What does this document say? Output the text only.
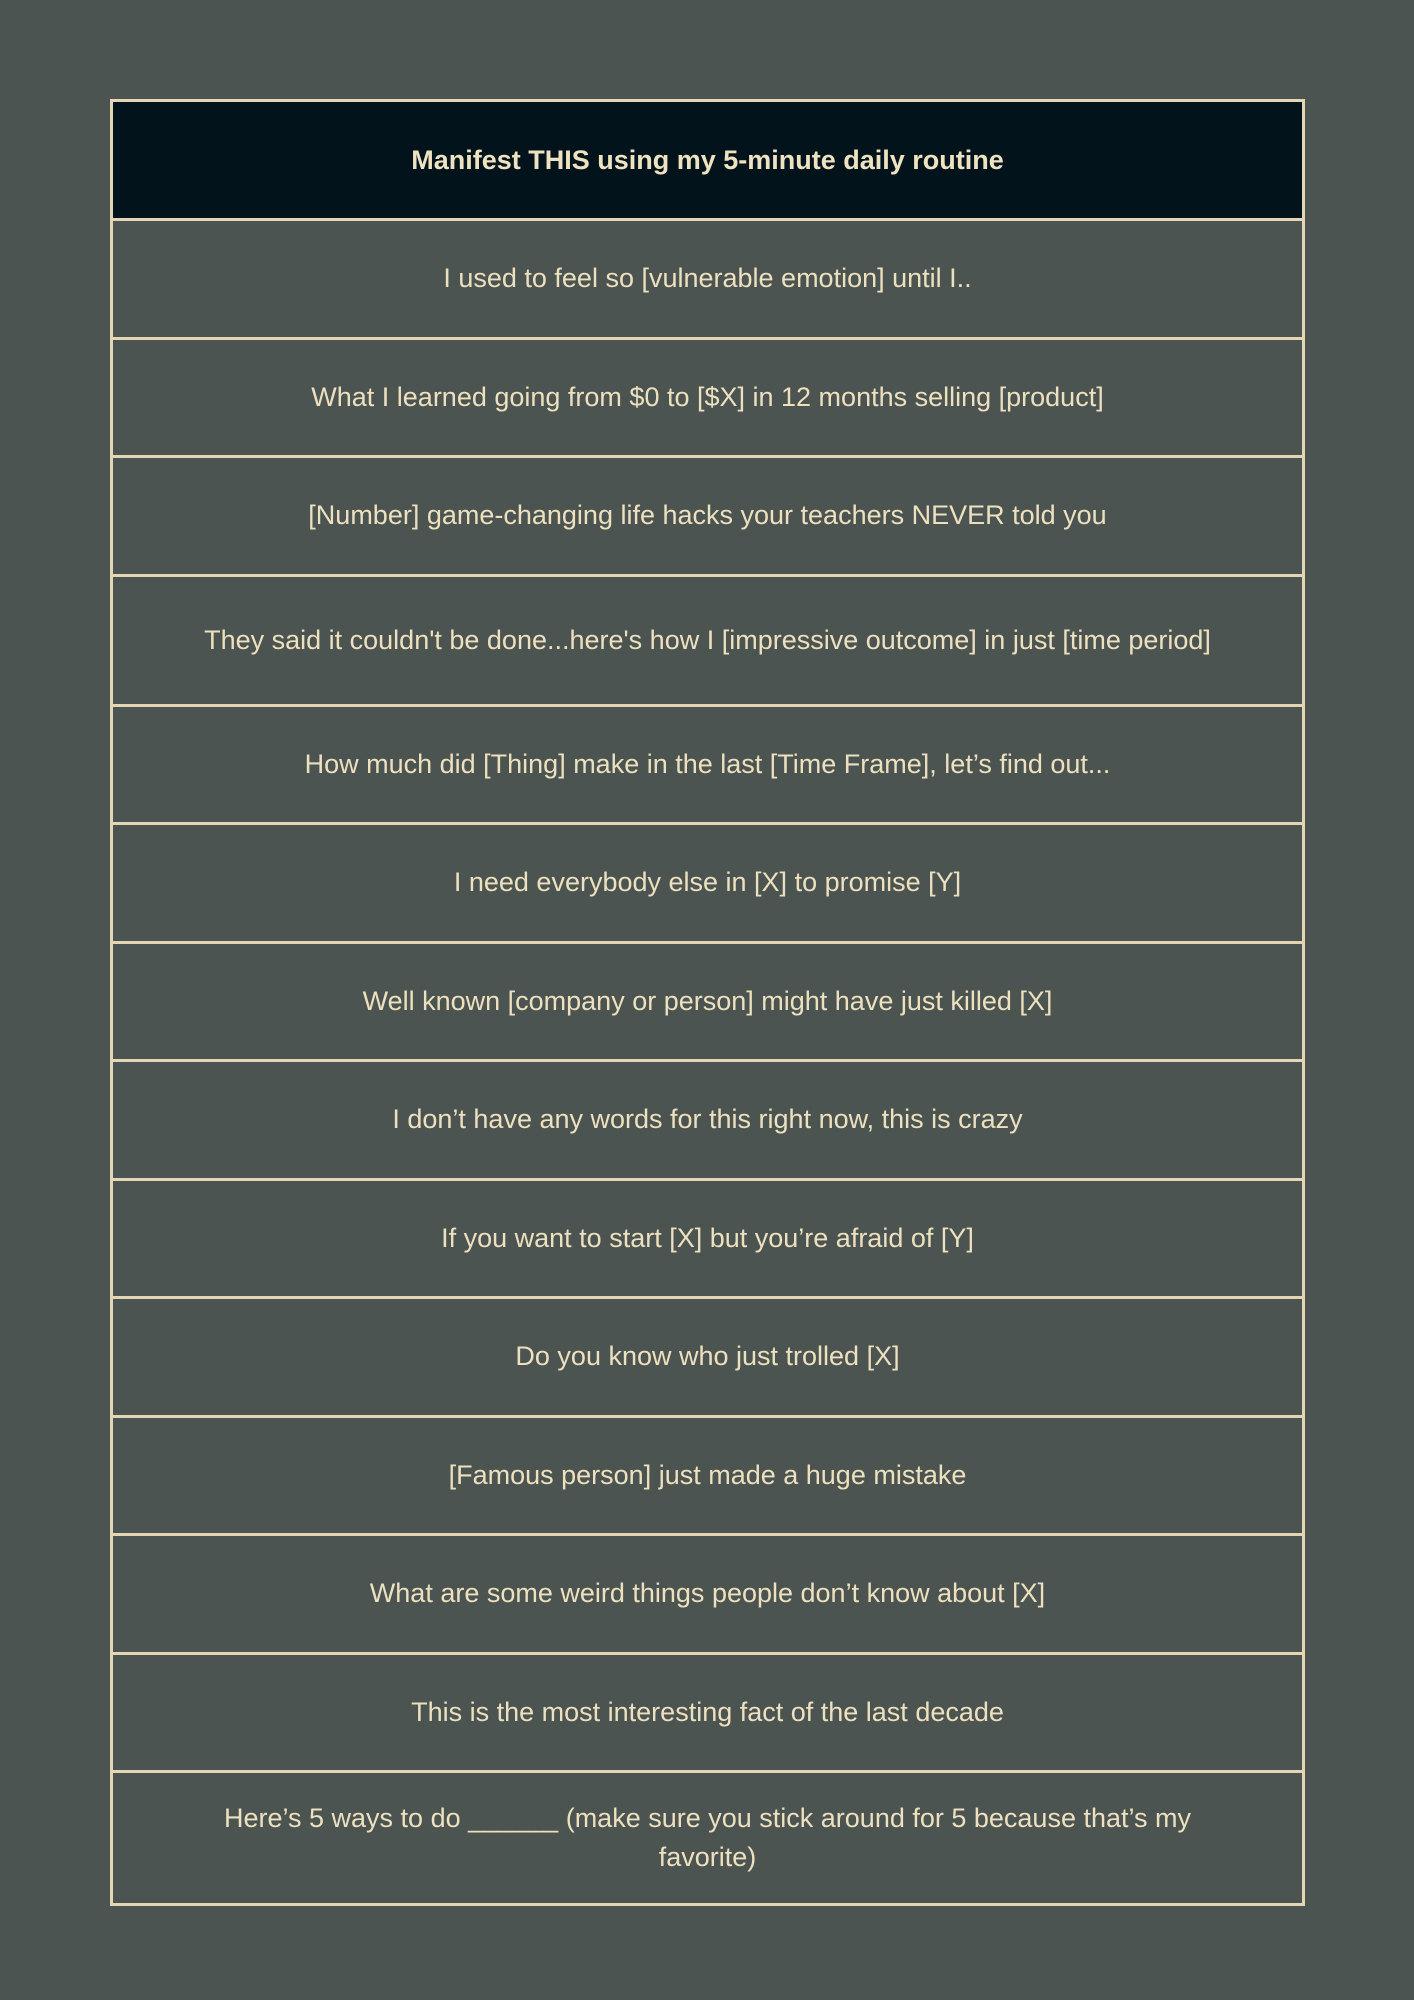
Manifest THIS using my 5-minute daily routine
I used to feel so [vulnerable emotion] until I..
What I learned going from $0 to [$X] in 12 months selling [product]
[Number] game-changing life hacks your teachers NEVER told you
They said it couldn't be done...here's how I [impressive outcome] in just [time period]
How much did [Thing] make in the last [Time Frame], let’s find out...
I need everybody else in [X] to promise [Y]
Well known [company or person] might have just killed [X]
I don’t have any words for this right now, this is crazy
If you want to start [X] but you’re afraid of [Y]
Do you know who just trolled [X]
[Famous person] just made a huge mistake
What are some weird things people don’t know about [X]
This is the most interesting fact of the last decade
Here’s 5 ways to do ______ (make sure you stick around for 5 because that’s my favorite)
